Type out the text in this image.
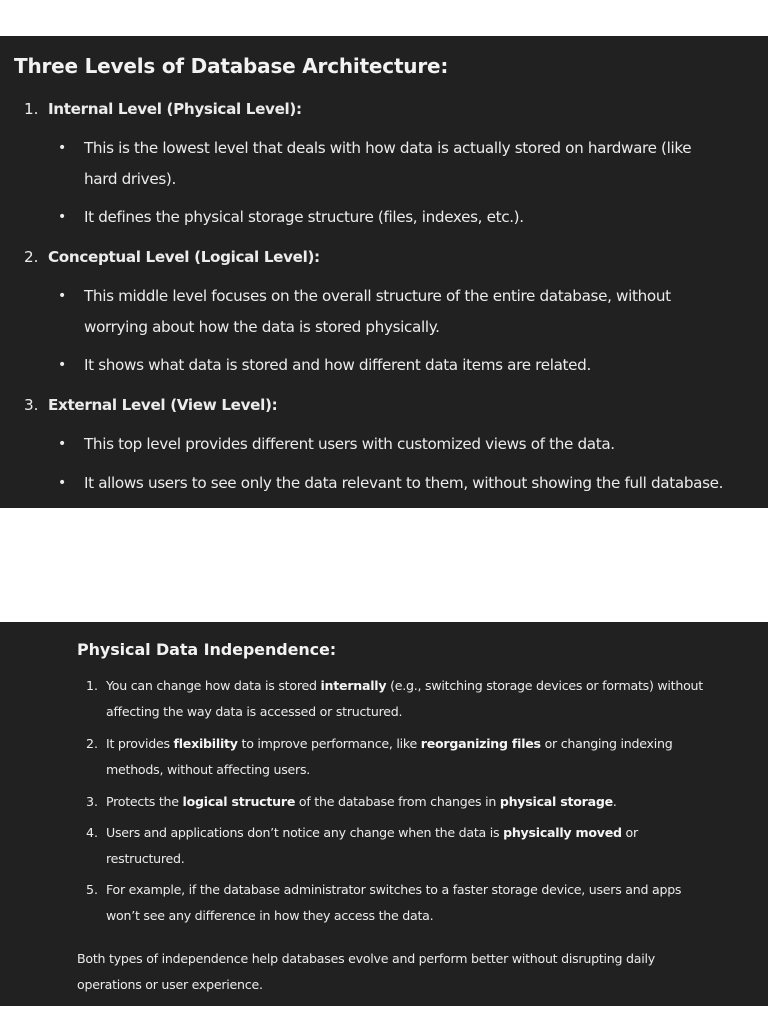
Three Levels of Database Architecture:
1. Internal Level (Physical Level):
• This is the lowest level that deals with how data is actually stored on hardware (like
hard drives).
• It defines the physical storage structure (files, indexes, etc.).
2. Conceptual Level (Logical Level):
• This middle level focuses on the overall structure of the entire database, without
worrying about how the data is stored physically.
• It shows what data is stored and how different data items are related.
3. External Level (View Level):
• This top level provides different users with customized views of the data.
• It allows users to see only the data relevant to them, without showing the full database.
Physical Data Independence:
1. You can change how data is stored internally (e.g., switching storage devices or formats) without
affecting the way data is accessed or structured.
2. It provides flexibility to improve performance, like reorganizing files or changing indexing
methods, without affecting users.
3. Protects the logical structure of the database from changes in physical storage.
4. Users and applications don’t notice any change when the data is physically moved or
restructured.
5. For example, if the database administrator switches to a faster storage device, users and apps
won’t see any difference in how they access the data.
Both types of independence help databases evolve and perform better without disrupting daily
operations or user experience.
